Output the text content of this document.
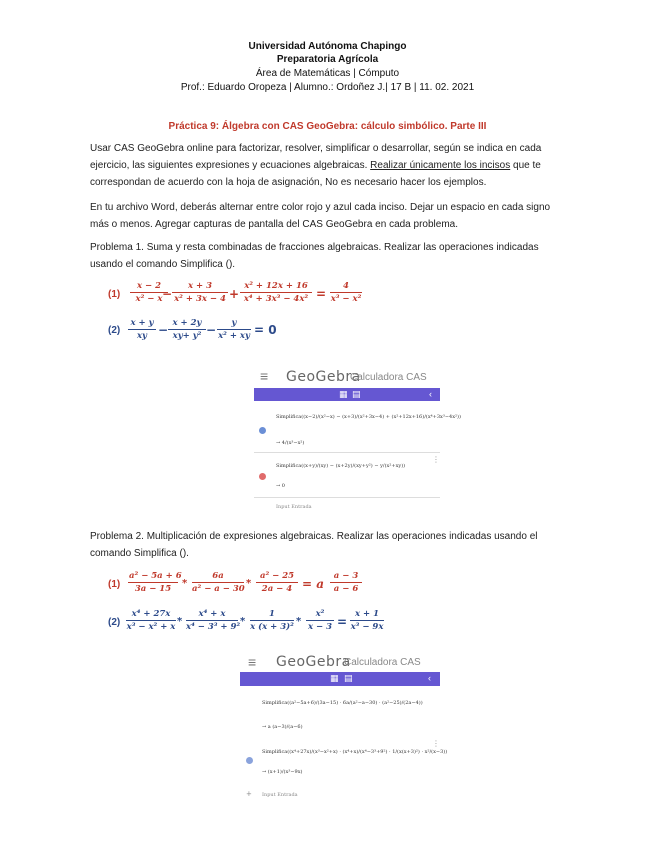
Universidad Autónoma Chapingo
Preparatoria Agrícola
Área de Matemáticas | Cómputo
Prof.: Eduardo Oropeza | Alumno.: Ordoñez J.| 17 B | 11. 02. 2021
Práctica 9: Álgebra con CAS GeoGebra: cálculo simbólico. Parte III
Usar CAS GeoGebra online para factorizar, resolver, simplificar o desarrollar, según se indica en cada ejercicio, las siguientes expresiones y ecuaciones algebraicas. Realizar únicamente los incisos que te correspondan de acuerdo con la hoja de asignación, No es necesario hacer los ejemplos.
En tu archivo Word, deberás alternar entre color rojo y azul cada inciso. Dejar un espacio en cada signo más o menos. Agregar capturas de pantalla del CAS GeoGebra en cada problema.
Problema 1. Suma y resta combinadas de fracciones algebraicas. Realizar las operaciones indicadas usando el comando Simplifica ().
$(1) \frac{x - 2}{\text{x² − x}}$
− $\frac{x + 3}{\text{x² + 3x − 4}} + \frac{\text{x² + 12x + 16}}{\text{x⁴ + 3x³ − 4x²}} = \frac{4}{\text{x³ − x²}}$
$(2) \frac{x + y}{xy} - \frac{x + 2y}{\text{xy+ y²}} - \frac{y}{\text{x² + xy}} = 0$
≡ GeoGebra
Calculadora CAS
▦ ▤	‹
Simplifica((x−2)/(x²−x) − (x+3)/(x²+3x−4) + (x²+12x+16)/(x⁴+3x³−4x²))
→ 4/(x³−x²)
⋮
Simplifica((x+y)/(xy) − (x+2y)/(xy+y²) − y/(x²+xy))
→ 0
Input Entrada
Problema 2. Multiplicación de expresiones algebraicas. Realizar las operaciones indicadas usando el comando Simplifica ().
$(1) \frac{\text{a² − 5a + 6}}{3a - 15} * \frac{6a}{\text{a² − a − 30}} * \frac{\text{a² − 25}}{2a - 4} = a \frac{a - 3}{a - 6}$
$(2) \frac{\text{x⁴ + 27x}}{\text{x³ − x² + x}} * \frac{\text{x⁴ + x}}{\text{x⁴ − 3³ + 9²}} * \frac{1}{\text{x (x + 3)²}} * \frac{\text{x²}}{x - 3} = \frac{x + 1}{\text{x³ − 9x}}$
≡ GeoGebra
Calculadora CAS
▦ ▤	‹
Simplifica((a²−5a+6)/(3a−15) · 6a/(a²−a−30) · (a²−25)/(2a−4))
→ a (a−3)/(a−6)
⋮
Simplifica((x⁴+27x)/(x³−x²+x) · (x⁴+x)/(x⁴−3³+9²) · 1/(x(x+3)²) · x²/(x−3))
→ (x+1)/(x³−9x)
+ Input Entrada
